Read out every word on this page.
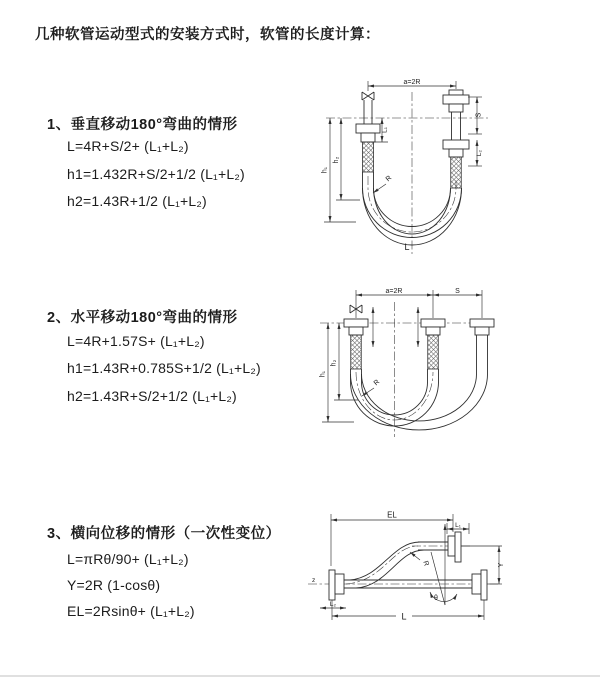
几种软管运动型式的安装方式时，软管的长度计算：
1、垂直移动180°弯曲的情形
L=4R+S/2+ (L₁+L₂)
h1=1.432R+S/2+1/2 (L₁+L₂)
h2=1.43R+1/2 (L₁+L₂)
2、水平移动180°弯曲的情形
L=4R+1.57S+ (L₁+L₂)
h1=1.43R+0.785S+1/2 (L₁+L₂)
h2=1.43R+S/2+1/2 (L₁+L₂)
3、横向位移的情形（一次性变位）
L=πRθ/90+ (L₁+L₂)
Y=2R (1-cosθ)
EL=2Rsinθ+ (L₁+L₂)
a=2R
h₁
h₂
L₁
S
L₂
R
L
a=2R	S
h₁
h₂
R
z
EL
L₁
θ
R	Y
L
L₂
